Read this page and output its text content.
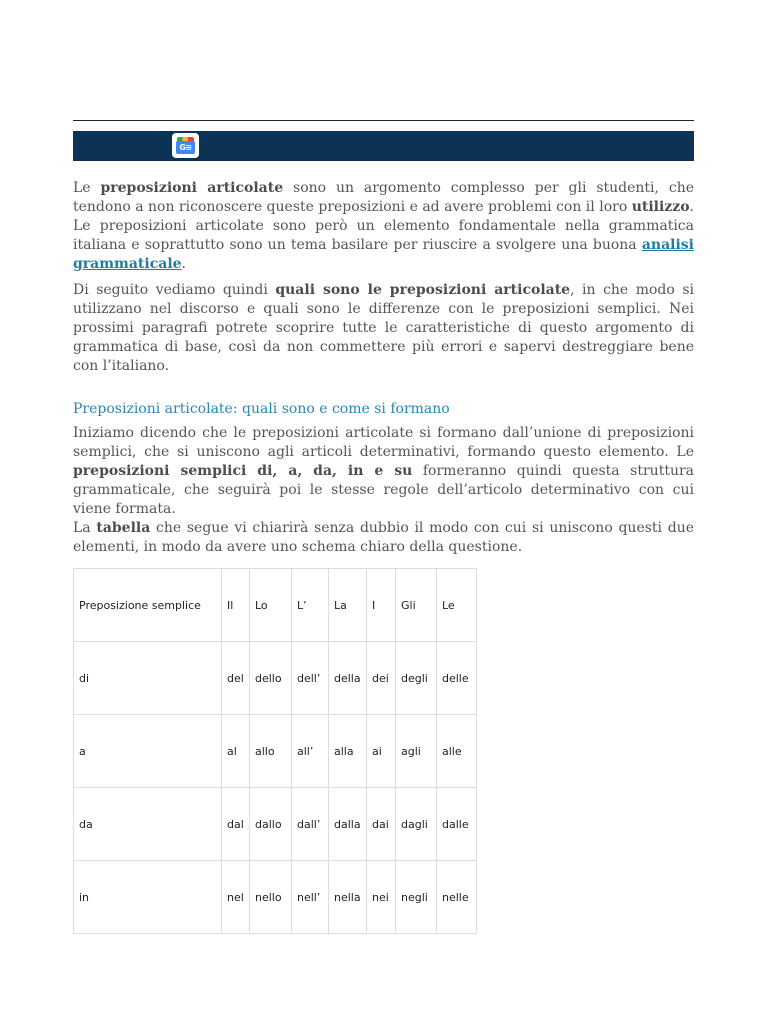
G≡

Le preposizioni articolate sono un argomento complesso per gli studenti, che tendono a non riconoscere queste preposizioni e ad avere problemi con il loro utilizzo. Le preposizioni articolate sono però un elemento fondamentale nella grammatica italiana e soprattutto sono un tema basilare per riuscire a svolgere una buona analisi grammaticale.

Di seguito vediamo quindi quali sono le preposizioni articolate, in che modo si utilizzano nel discorso e quali sono le differenze con le preposizioni semplici. Nei prossimi paragrafi potrete scoprire tutte le caratteristiche di questo argomento di grammatica di base, così da non commettere più errori e sapervi destreggiare bene con l’italiano.

Preposizioni articolate: quali sono e come si formano

Iniziamo dicendo che le preposizioni articolate si formano dall’unione di preposizioni semplici, che si uniscono agli articoli determinativi, formando questo elemento. Le preposizioni semplici di, a, da, in e su formeranno quindi questa struttura grammaticale, che seguirà poi le stesse regole dell’articolo determinativo con cui viene formata.

La tabella che segue vi chiarirà senza dubbio il modo con cui si uniscono questi due elementi, in modo da avere uno schema chiaro della questione.

Preposizione semplice	Il	Lo	L’	La	I	Gli	Le
di	del	dello	dell’	della	dei	degli	delle
a	al	allo	all’	alla	ai	agli	alle
da	dal	dallo	dall’	dalla	dai	dagli	dalle
in	nel	nello	nell’	nella	nei	negli	nelle
